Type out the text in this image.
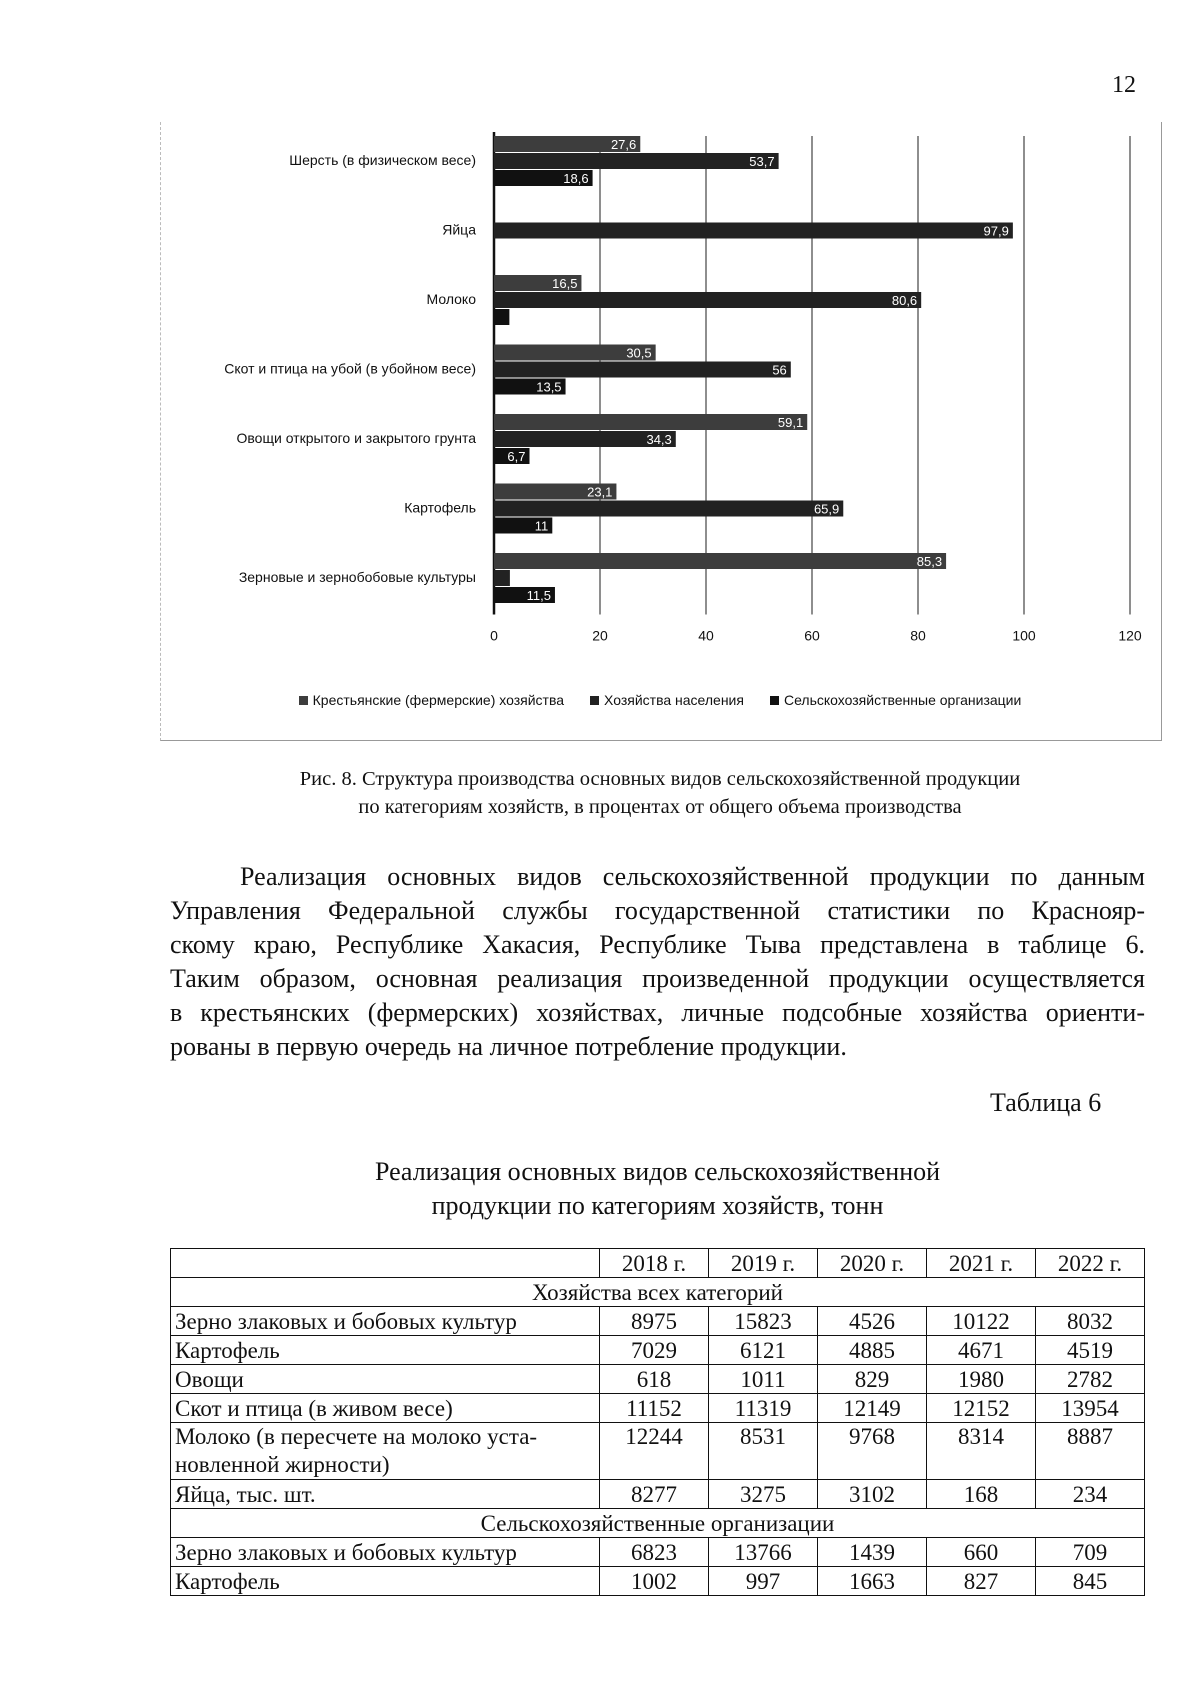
12
0	20	40	60	80	100	120
Шерсть (в физическом весе)
27,6
53,7
18,6
Яйца	97,9
Молоко
16,5
80,6
Скот и птица на убой (в убойном весе)
30,5
56
13,5
Овощи открытого и закрытого грунта
59,1
34,3
6,7
Картофель
23,1
65,9
11
Зерновые и зернобобовые культуры
85,3
11,5
Крестьянские (фермерские) хозяйства	Хозяйства населения	Сельскохозяйственные организации
Рис. 8. Структура производства основных видов сельскохозяйственной продукции
по категориям хозяйств, в процентах от общего объема производства
Реализация основных видов сельскохозяйственной продукции по данным
Управления Федеральной службы государственной статистики по Краснояр-
скому краю, Республике Хакасия, Республике Тыва представлена в таблице 6.
Таким образом, основная реализация произведенной продукции осуществляется
в крестьянских (фермерских) хозяйствах, личные подсобные хозяйства ориенти-
рованы в первую очередь на личное потребление продукции.
Таблица 6
Реализация основных видов сельскохозяйственной
продукции по категориям хозяйств, тонн
	2018 г.	2019 г.	2020 г.	2021 г.	2022 г.
Хозяйства всех категорий					
Зерно злаковых и бобовых культур	8975	15823	4526	10122	8032
Картофель	7029	6121	4885	4671	4519
Овощи	618	1011	829	1980	2782
Скот и птица (в живом весе)	11152	11319	12149	12152	13954
Молоко (в пересчете на молоко уста-
новленной жирности)	12244	8531	9768	8314	8887
Яйца, тыс. шт.	8277	3275	3102	168	234
Сельскохозяйственные организации					
Зерно злаковых и бобовых культур	6823	13766	1439	660	709
Картофель	1002	997	1663	827	845
